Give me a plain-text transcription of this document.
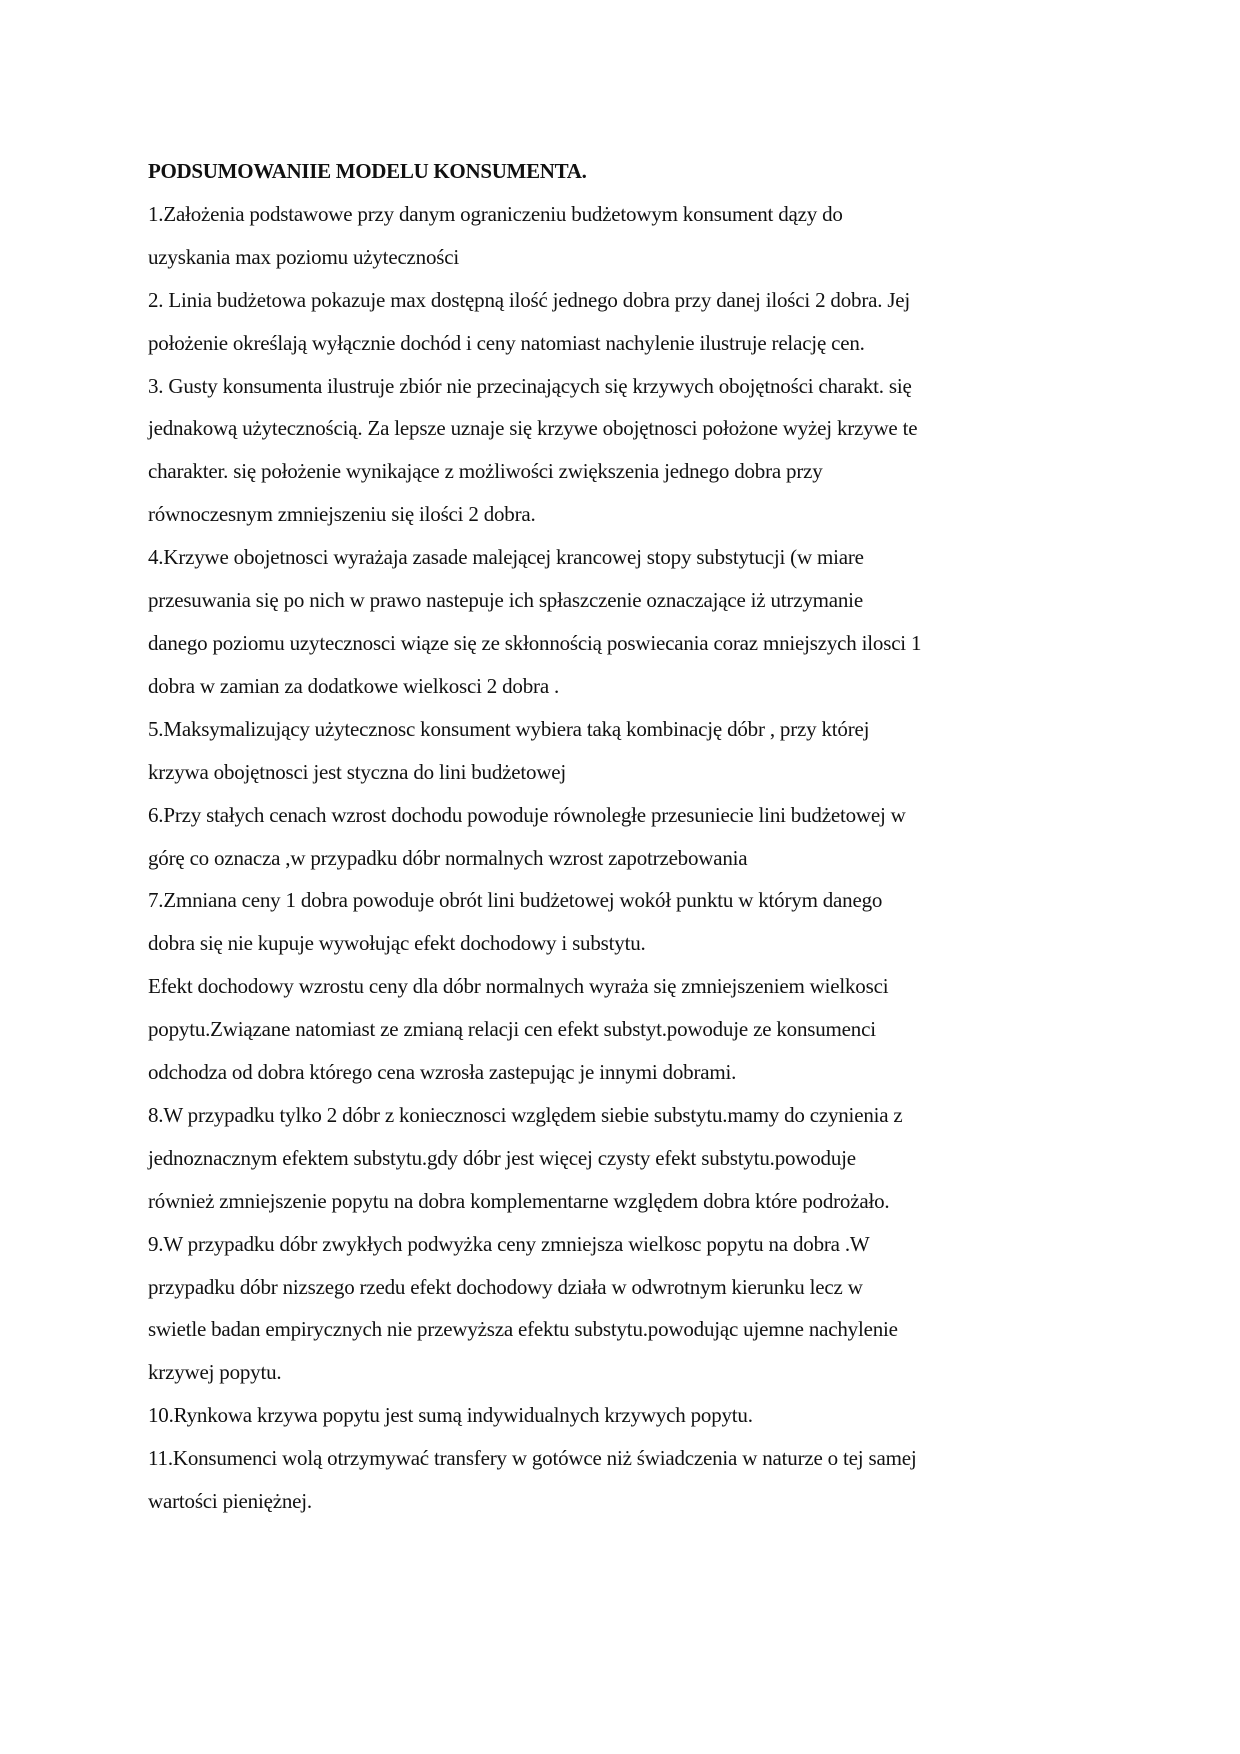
PODSUMOWANIIE MODELU KONSUMENTA.
1.Założenia podstawowe przy danym ograniczeniu budżetowym konsument dązy do
uzyskania max poziomu użyteczności
2. Linia budżetowa pokazuje max dostępną ilość jednego dobra przy danej ilości 2 dobra. Jej
położenie określają wyłącznie dochód i ceny natomiast nachylenie ilustruje relację cen.
3. Gusty konsumenta ilustruje zbiór nie przecinających się krzywych obojętności charakt. się
jednakową użytecznością. Za lepsze uznaje się krzywe obojętnosci położone wyżej krzywe te
charakter. się położenie wynikające z możliwości zwiększenia jednego dobra przy
równoczesnym zmniejszeniu się ilości 2 dobra.
4.Krzywe obojetnosci wyrażaja zasade malejącej krancowej stopy substytucji (w miare
przesuwania się po nich w prawo nastepuje ich spłaszczenie oznaczające iż utrzymanie
danego poziomu uzytecznosci wiąze się ze skłonnością poswiecania coraz mniejszych ilosci 1
dobra w zamian za dodatkowe wielkosci 2 dobra .
5.Maksymalizujący użytecznosc konsument wybiera taką kombinację dóbr , przy której
krzywa obojętnosci jest styczna do lini budżetowej
6.Przy stałych cenach wzrost dochodu powoduje równoległe przesuniecie lini budżetowej w
górę co oznacza ,w przypadku dóbr normalnych wzrost zapotrzebowania
7.Zmniana ceny 1 dobra powoduje obrót lini budżetowej wokół punktu w którym danego
dobra się nie kupuje wywołując efekt dochodowy i substytu.
Efekt dochodowy wzrostu ceny dla dóbr normalnych wyraża się zmniejszeniem wielkosci
popytu.Związane natomiast ze zmianą relacji cen efekt substyt.powoduje ze konsumenci
odchodza od dobra którego cena wzrosła zastepując je innymi dobrami.
8.W przypadku tylko 2 dóbr z koniecznosci względem siebie substytu.mamy do czynienia z
jednoznacznym efektem substytu.gdy dóbr jest więcej czysty efekt substytu.powoduje
również zmniejszenie popytu na dobra komplementarne względem dobra które podrożało.
9.W przypadku dóbr zwykłych podwyżka ceny zmniejsza wielkosc popytu na dobra .W
przypadku dóbr nizszego rzedu efekt dochodowy działa w odwrotnym kierunku lecz w
swietle badan empirycznych nie przewyższa efektu substytu.powodując ujemne nachylenie
krzywej popytu.
10.Rynkowa krzywa popytu jest sumą indywidualnych krzywych popytu.
11.Konsumenci wolą otrzymywać transfery w gotówce niż świadczenia w naturze o tej samej
wartości pieniężnej.
